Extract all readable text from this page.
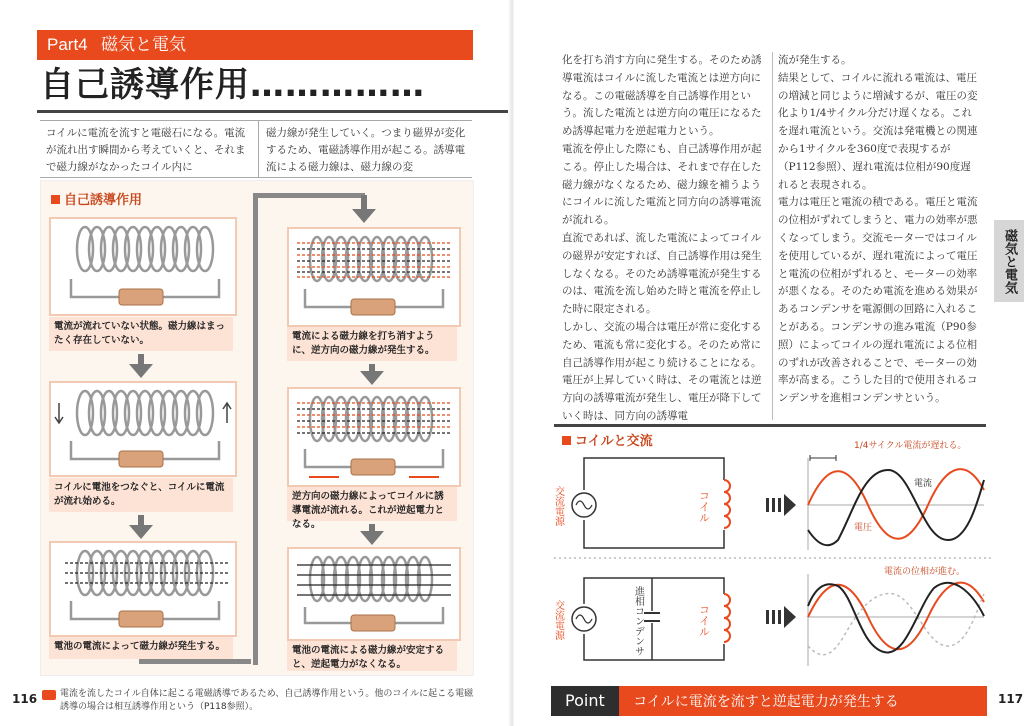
Part4 磁気と電気
自己誘導作用……………
コイルに電流を流すと電磁石になる。電流が流れ出す瞬間から考えていくと、それまで磁力線がなかったコイル内に
磁力線が発生していく。つまり磁界が変化するため、電磁誘導作用が起こる。誘導電流による磁力線は、磁力線の変
自己誘導作用
電流が流れていない状態。磁力線はまったく存在していない。
コイルに電池をつなぐと、コイルに電流が流れ始める。
電池の電流によって磁力線が発生する。
電流による磁力線を打ち消すように、逆方向の磁力線が発生する。
逆方向の磁力線によってコイルに誘導電流が流れる。これが逆起電力となる。
電池の電流による磁力線が安定すると、逆起電力がなくなる。
116	電流を流したコイル自体に起こる電磁誘導であるため、自己誘導作用という。他のコイルに起こる電磁誘導の場合は相互誘導作用という（P118参照）。

化を打ち消す方向に発生する。そのため誘導電流はコイルに流した電流とは逆方向になる。この電磁誘導を自己誘導作用という。流した電流とは逆方向の電圧になるため誘導起電力を逆起電力という。

電流を停止した際にも、自己誘導作用が起こる。停止した場合は、それまで存在した磁力線がなくなるため、磁力線を補うようにコイルに流した電流と同方向の誘導電流が流れる。

直流であれば、流した電流によってコイルの磁界が安定すれば、自己誘導作用は発生しなくなる。そのため誘導電流が発生するのは、電流を流し始めた時と電流を停止した時に限定される。

しかし、交流の場合は電圧が常に変化するため、電流も常に変化する。そのため常に自己誘導作用が起こり続けることになる。電圧が上昇していく時は、その電流とは逆方向の誘導電流が発生し、電圧が降下していく時は、同方向の誘導電

流が発生する。

結果として、コイルに流れる電流は、電圧の増減と同じように増減するが、電圧の変化より1/4サイクル分だけ遅くなる。これを遅れ電流という。交流は発電機との関連から1サイクルを360度で表現するが（P112参照）、遅れ電流は位相が90度遅れると表現される。

電力は電圧と電流の積である。電圧と電流の位相がずれてしまうと、電力の効率が悪くなってしまう。交流モーターではコイルを使用しているが、遅れ電流によって電圧と電流の位相がずれると、モーターの効率が悪くなる。そのため電流を進める効果があるコンデンサを電源側の回路に入れることがある。コンデンサの進み電流（P90参照）によってコイルの遅れ電流による位相のずれが改善されることで、モーターの効率が高まる。こうした目的で使用されるコンデンサを進相コンデンサという。

磁気と電気
コイルと交流
交流電源	コイル
1/4サイクル電流が遅れる。
電流
電圧
交流電源	進相コンデンサ	コイル
電流の位相が進む。
Point コイルに電流を流すと逆起電力が発生する	117
